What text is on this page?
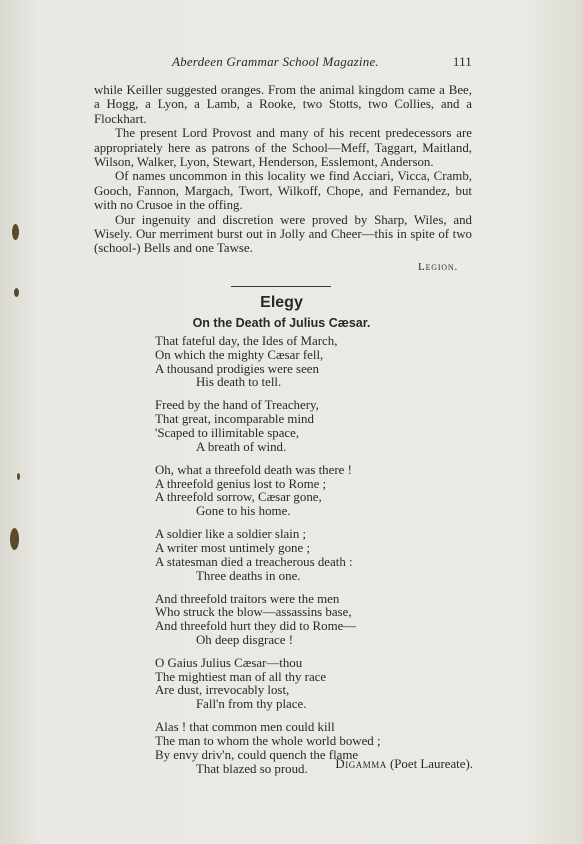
Aberdeen Grammar School Magazine.	111

while Keiller suggested oranges. From the animal kingdom came a Bee, a Hogg, a Lyon, a Lamb, a Rooke, two Stotts, two Collies, and a Flockhart.

The present Lord Provost and many of his recent predecessors are appropriately here as patrons of the School—Meff, Taggart, Maitland, Wilson, Walker, Lyon, Stewart, Henderson, Esslemont, Anderson.

Of names uncommon in this locality we find Acciari, Vicca, Cramb, Gooch, Fannon, Margach, Twort, Wilkoff, Chope, and Fernandez, but with no Crusoe in the offing.

Our ingenuity and discretion were proved by Sharp, Wiles, and Wisely. Our merriment burst out in Jolly and Cheer—this in spite of two (school-) Bells and one Tawse.

Legion.
Elegy
On the Death of Julius Cæsar.
That fateful day, the Ides of March,
On which the mighty Cæsar fell,
A thousand prodigies were seen
His death to tell.
Freed by the hand of Treachery,
That great, incomparable mind
'Scaped to illimitable space,
A breath of wind.
Oh, what a threefold death was there !
A threefold genius lost to Rome ;
A threefold sorrow, Cæsar gone,
Gone to his home.
A soldier like a soldier slain ;
A writer most untimely gone ;
A statesman died a treacherous death :
Three deaths in one.
And threefold traitors were the men
Who struck the blow—assassins base,
And threefold hurt they did to Rome—
Oh deep disgrace !
O Gaius Julius Cæsar—thou
The mightiest man of all thy race
Are dust, irrevocably lost,
Fall'n from thy place.
Alas ! that common men could kill
The man to whom the whole world bowed ;
By envy driv'n, could quench the flame
That blazed so proud.	Digamma (Poet Laureate).
